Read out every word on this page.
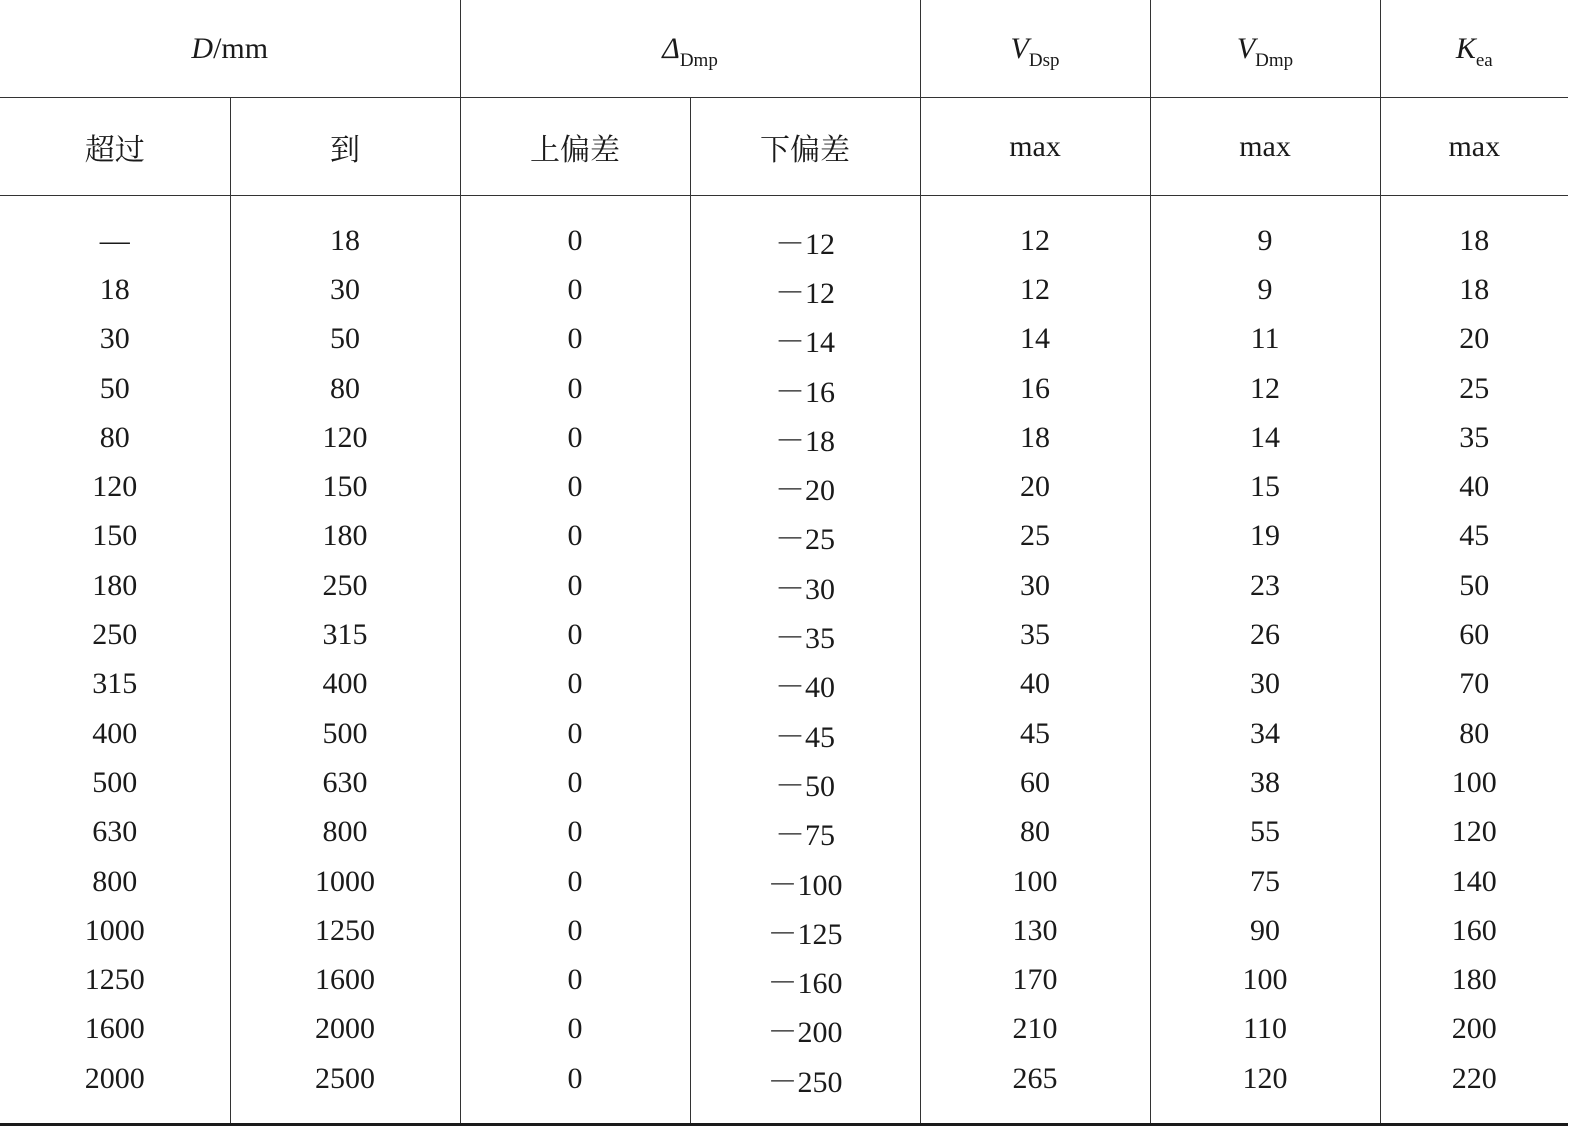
D/mm		$\Delta_{Dmp}$		$V_{Dsp}$	$V_{Dmp}$	$K_{ea}$
超过	到	上偏差	下偏差	max	max	max

—	18	0	－12	12	9	18
18	30	0	－12	12	9	18
30	50	0	－14	14	11	20
50	80	0	－16	16	12	25
80	120	0	－18	18	14	35
120	150	0	－20	20	15	40
150	180	0	－25	25	19	45
180	250	0	－30	30	23	50
250	315	0	－35	35	26	60
315	400	0	－40	40	30	70
400	500	0	－45	45	34	80
500	630	0	－50	60	38	100
630	800	0	－75	80	55	120
800	1000	0	－100	100	75	140
1000	1250	0	－125	130	90	160
1250	1600	0	－160	170	100	180
1600	2000	0	－200	210	110	200
2000	2500	0	－250	265	120	220
